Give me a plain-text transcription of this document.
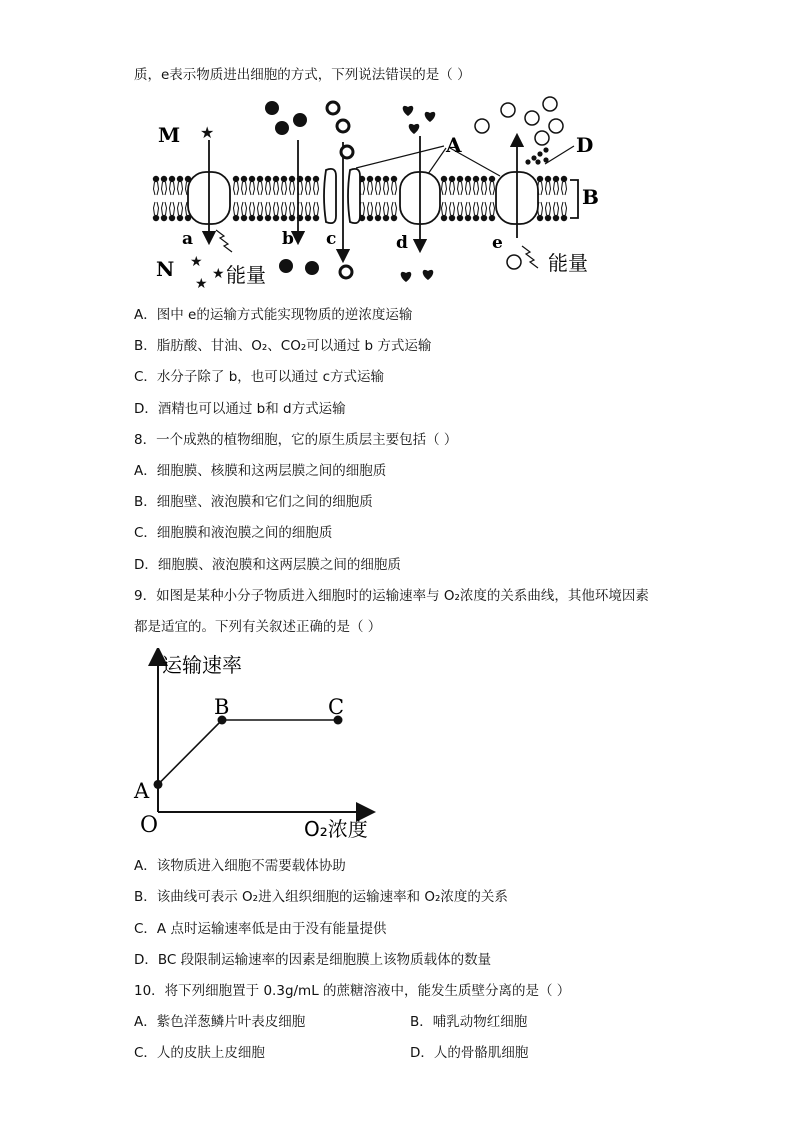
质，e表示物质进出细胞的方式，下列说法错误的是（ ）
★
★
★
★
M
N
A
B
D
a	b c	d	e
能量	能量
A．图中 e的运输方式能实现物质的逆浓度运输
B．脂肪酸、甘油、O₂、CO₂可以通过 b 方式运输
C．水分子除了 b，也可以通过 c方式运输
D．酒精也可以通过 b和 d方式运输
8．一个成熟的植物细胞，它的原生质层主要包括（ ）
A．细胞膜、核膜和这两层膜之间的细胞质
B．细胞壁、液泡膜和它们之间的细胞质
C．细胞膜和液泡膜之间的细胞质
D．细胞膜、液泡膜和这两层膜之间的细胞质
9．如图是某种小分子物质进入细胞时的运输速率与 O₂浓度的关系曲线，其他环境因素
都是适宜的。下列有关叙述正确的是（ ）
运输速率
O₂浓度
O
A
B	C
A．该物质进入细胞不需要载体协助
B．该曲线可表示 O₂进入组织细胞的运输速率和 O₂浓度的关系
C．A 点时运输速率低是由于没有能量提供
D．BC 段限制运输速率的因素是细胞膜上该物质载体的数量
10．将下列细胞置于 0.3g/mL 的蔗糖溶液中，能发生质壁分离的是（ ）
A．紫色洋葱鳞片叶表皮细胞	B．哺乳动物红细胞
C．人的皮肤上皮细胞	D．人的骨骼肌细胞
